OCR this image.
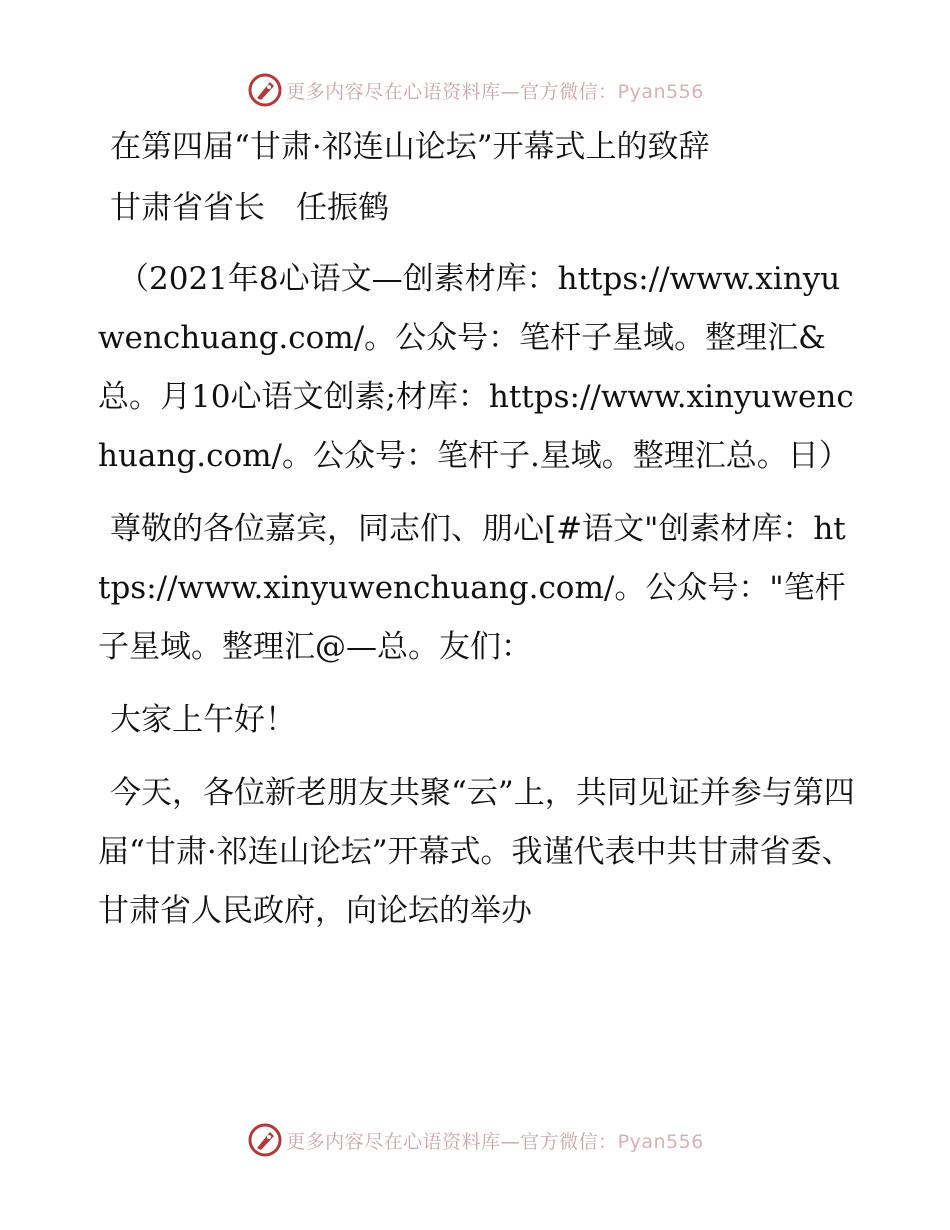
更多内容尽在心语资料库—官方微信：Pyan556

在第四届“甘肃·祁连山论坛”开幕式上的致辞

甘肃省省长　任振鹤

（2021年8心语文—创素材库：https://www.xinyuwenchuang.com/。公众号：笔杆子星域。整理汇&总。月10心语文创素;材库：https://www.xinyuwenchuang.com/。公众号：笔杆子.星域。整理汇总。日）

尊敬的各位嘉宾，同志们、朋心[#语文"创素材库：https://www.xinyuwenchuang.com/。公众号："笔杆子星域。整理汇@—总。友们：

大家上午好！

今天，各位新老朋友共聚“云”上，共同见证并参与第四届“甘肃·祁连山论坛”开幕式。我谨代表中共甘肃省委、甘肃省人民政府，向论坛的举办

更多内容尽在心语资料库—官方微信：Pyan556
